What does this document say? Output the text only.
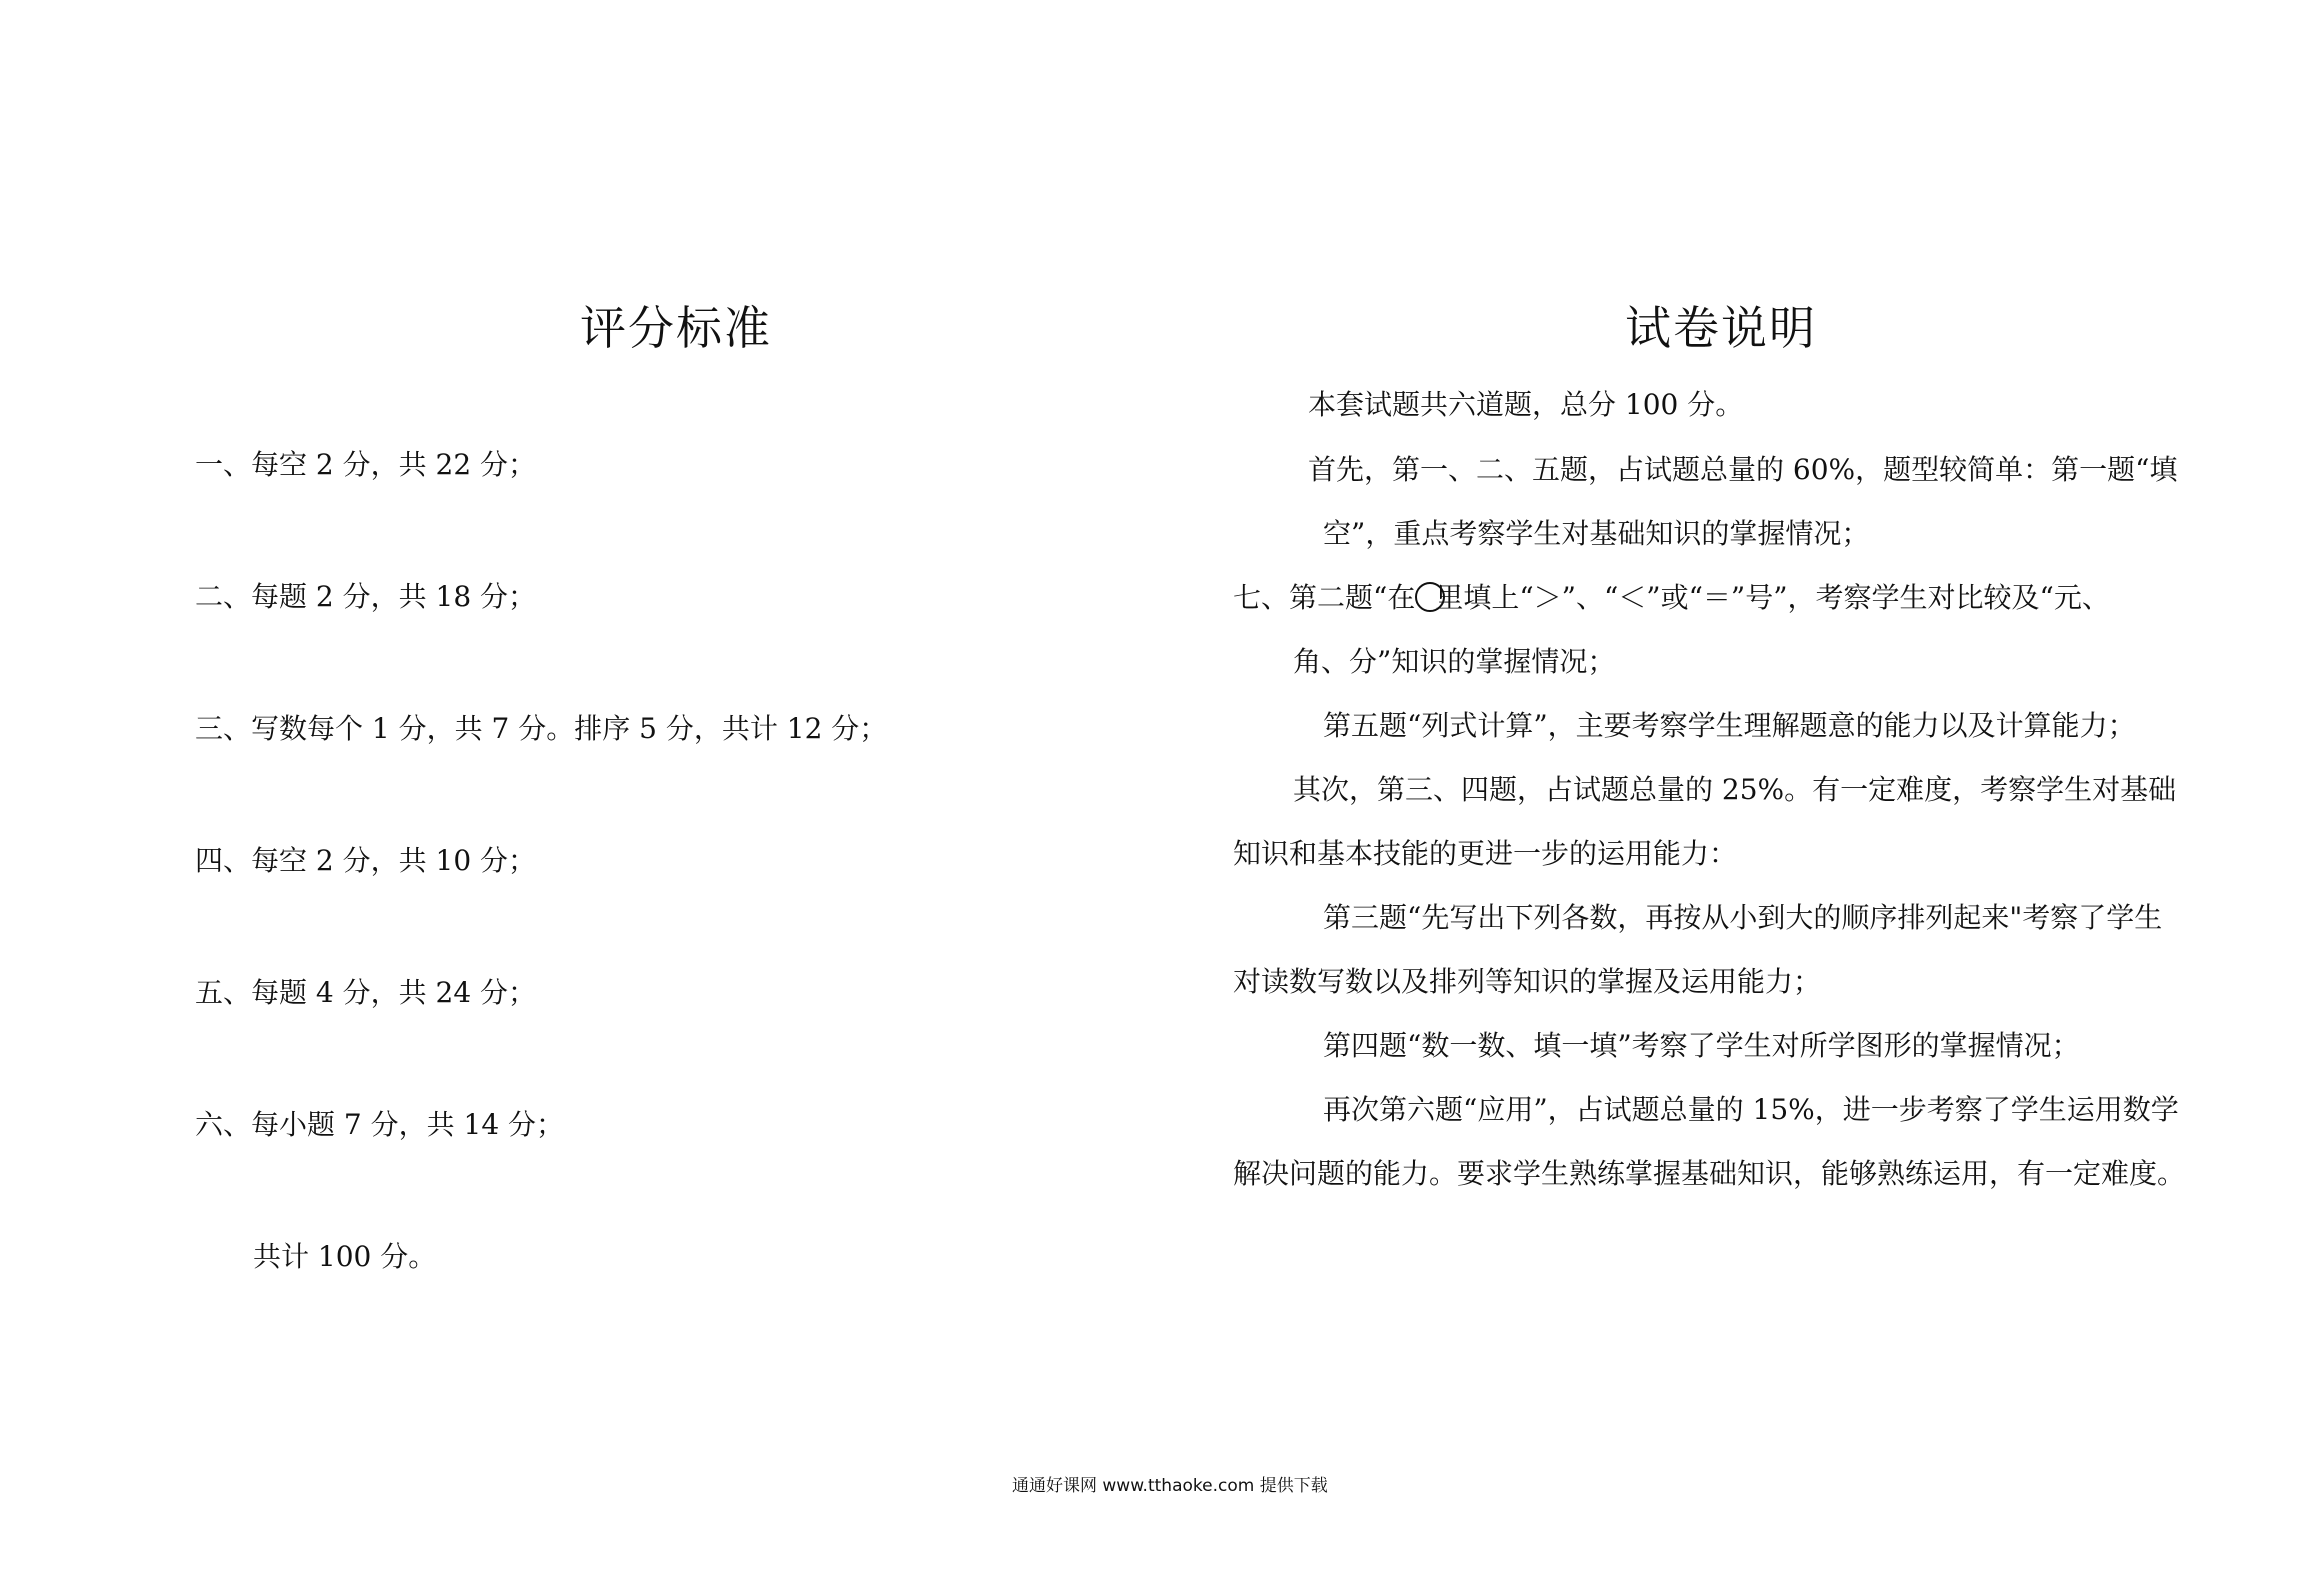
评分标准
一、每空 2 分，共 22 分；
二、每题 2 分，共 18 分；
三、写数每个 1 分，共 7 分。排序 5 分，共计 12 分；
四、每空 2 分，共 10 分；
五、每题 4 分，共 24 分；
六、每小题 7 分，共 14 分；
共计 100 分。
试卷说明
本套试题共六道题，总分 100 分。
首先，第一、二、五题，占试题总量的 60%，题型较简单：第一题“填
空”，重点考察学生对基础知识的掌握情况；
七、第二题“在 里填上“＞”、“＜”或“＝”号”，考察学生对比较及“元、
角、分”知识的掌握情况；
第五题“列式计算”，主要考察学生理解题意的能力以及计算能力；
其次，第三、四题，占试题总量的 25%。有一定难度，考察学生对基础
知识和基本技能的更进一步的运用能力：
第三题“先写出下列各数，再按从小到大的顺序排列起来"考察了学生
对读数写数以及排列等知识的掌握及运用能力；
第四题“数一数、填一填”考察了学生对所学图形的掌握情况；
再次第六题“应用”，占试题总量的 15%，进一步考察了学生运用数学
解决问题的能力。要求学生熟练掌握基础知识，能够熟练运用，有一定难度。
通通好课网 www.tthaoke.com 提供下载
